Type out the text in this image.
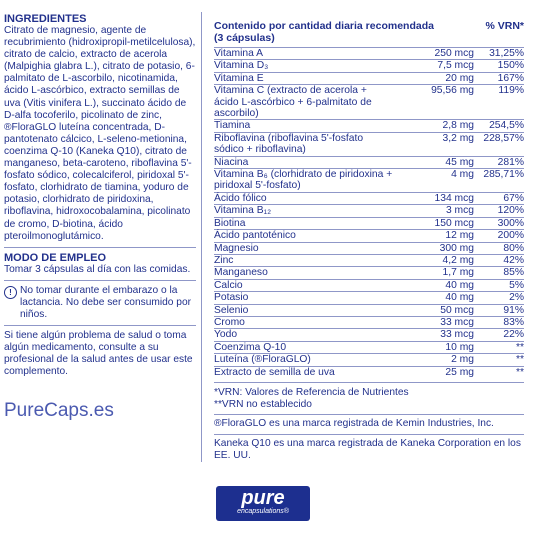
INGREDIENTES

Citrato de magnesio, agente de recubrimiento (hidroxipropil-metilcelulosa), citrato de calcio, extracto de acerola (Malpighia glabra L.), citrato de potasio, 6-palmitato de L-ascorbilo, nicotinamida, ácido L-ascórbico, extracto semillas de uva (Vitis vinifera L.), succinato ácido de D-alfa tocoferilo, picolinato de zinc, ®FloraGLO luteína concentrada, D-pantotenato cálcico, L-seleno-metionina, coenzima Q-10 (Kaneka Q10), citrato de manganeso, beta-caroteno, riboflavina 5'-fosfato sódico, colecalciferol, piridoxal 5'-fosfato, clorhidrato de tiamina, yoduro de potasio, clorhidrato de piridoxina, riboflavina, hidroxocobalamina, picolinato de cromo, D-biotina, ácido pteroilmonoglutámico.

MODO DE EMPLEO

Tomar 3 cápsulas al día con las comidas.

! No tomar durante el embarazo o la lactancia. No debe ser consumido por niños.

Si tiene algún problema de salud o toma algún medicamento, consulte a su profesional de la salud antes de usar este complemento.

PureCaps.es
Contenido por cantidad diaria recomendada	% VRN*
(3 cápsulas)
Vitamina A	250 mcg	31,25%
Vitamina D₃	7,5 mcg	150%
Vitamina E	20 mg	167%
Vitamina C (extracto de acerola +	95,56 mg	119%
ácido L-ascórbico + 6-palmitato de ascorbilo)
Tiamina	2,8 mg	254,5%
Riboflavina (riboflavina 5'-fosfato	3,2 mg 228,57%
sódico + riboflavina)
Niacina	45 mg	281%
Vitamina B₆ (clorhidrato de piridoxina +	4 mg 285,71%
piridoxal 5'-fosfato)
Ácido fólico	134 mcg	67%
Vitamina B₁₂	3 mcg	120%
Biotina	150 mcg	300%
Ácido pantoténico	12 mg	200%
Magnesio	300 mg	80%
Zinc	4,2 mg	42%
Manganeso	1,7 mg	85%
Calcio	40 mg	5%
Potasio	40 mg	2%
Selenio	50 mcg	91%
Cromo	33 mcg	83%
Yodo	33 mcg	22%
Coenzima Q-10	10 mg	**
Luteína (®FloraGLO)	2 mg	**
Extracto de semilla de uva	25 mg	**

*VRN: Valores de Referencia de Nutrientes

**VRN no establecido

®FloraGLO es una marca registrada de Kemin Industries, Inc.

Kaneka Q10 es una marca registrada de Kaneka Corporation en los EE. UU.

pure
encapsulations®
